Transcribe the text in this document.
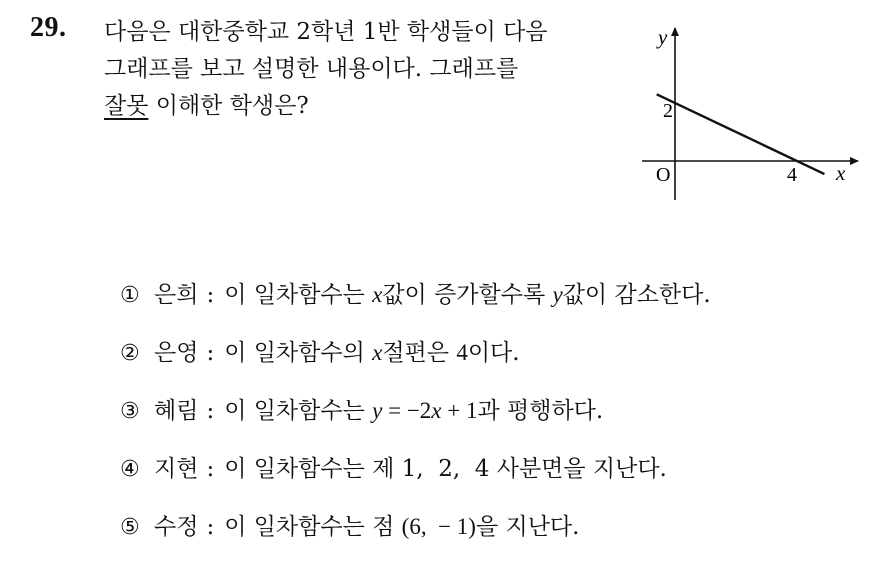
29. 다음은 대한중학교 2학년 1반 학생들이 다음
그래프를 보고 설명한 내용이다. 그래프를
잘못 이해한 학생은?
y
x
O
2
4
① 은희 : 이 일차함수는 x값이 증가할수록 y값이 감소한다.
② 은영 : 이 일차함수의 x절편은 4이다.
③ 혜림 : 이 일차함수는 y = −2x + 1과 평행하다.
④ 지현 : 이 일차함수는 제 1,  2,  4 사분면을 지난다.
⑤ 수정 : 이 일차함수는 점 (6,  − 1)을 지난다.
